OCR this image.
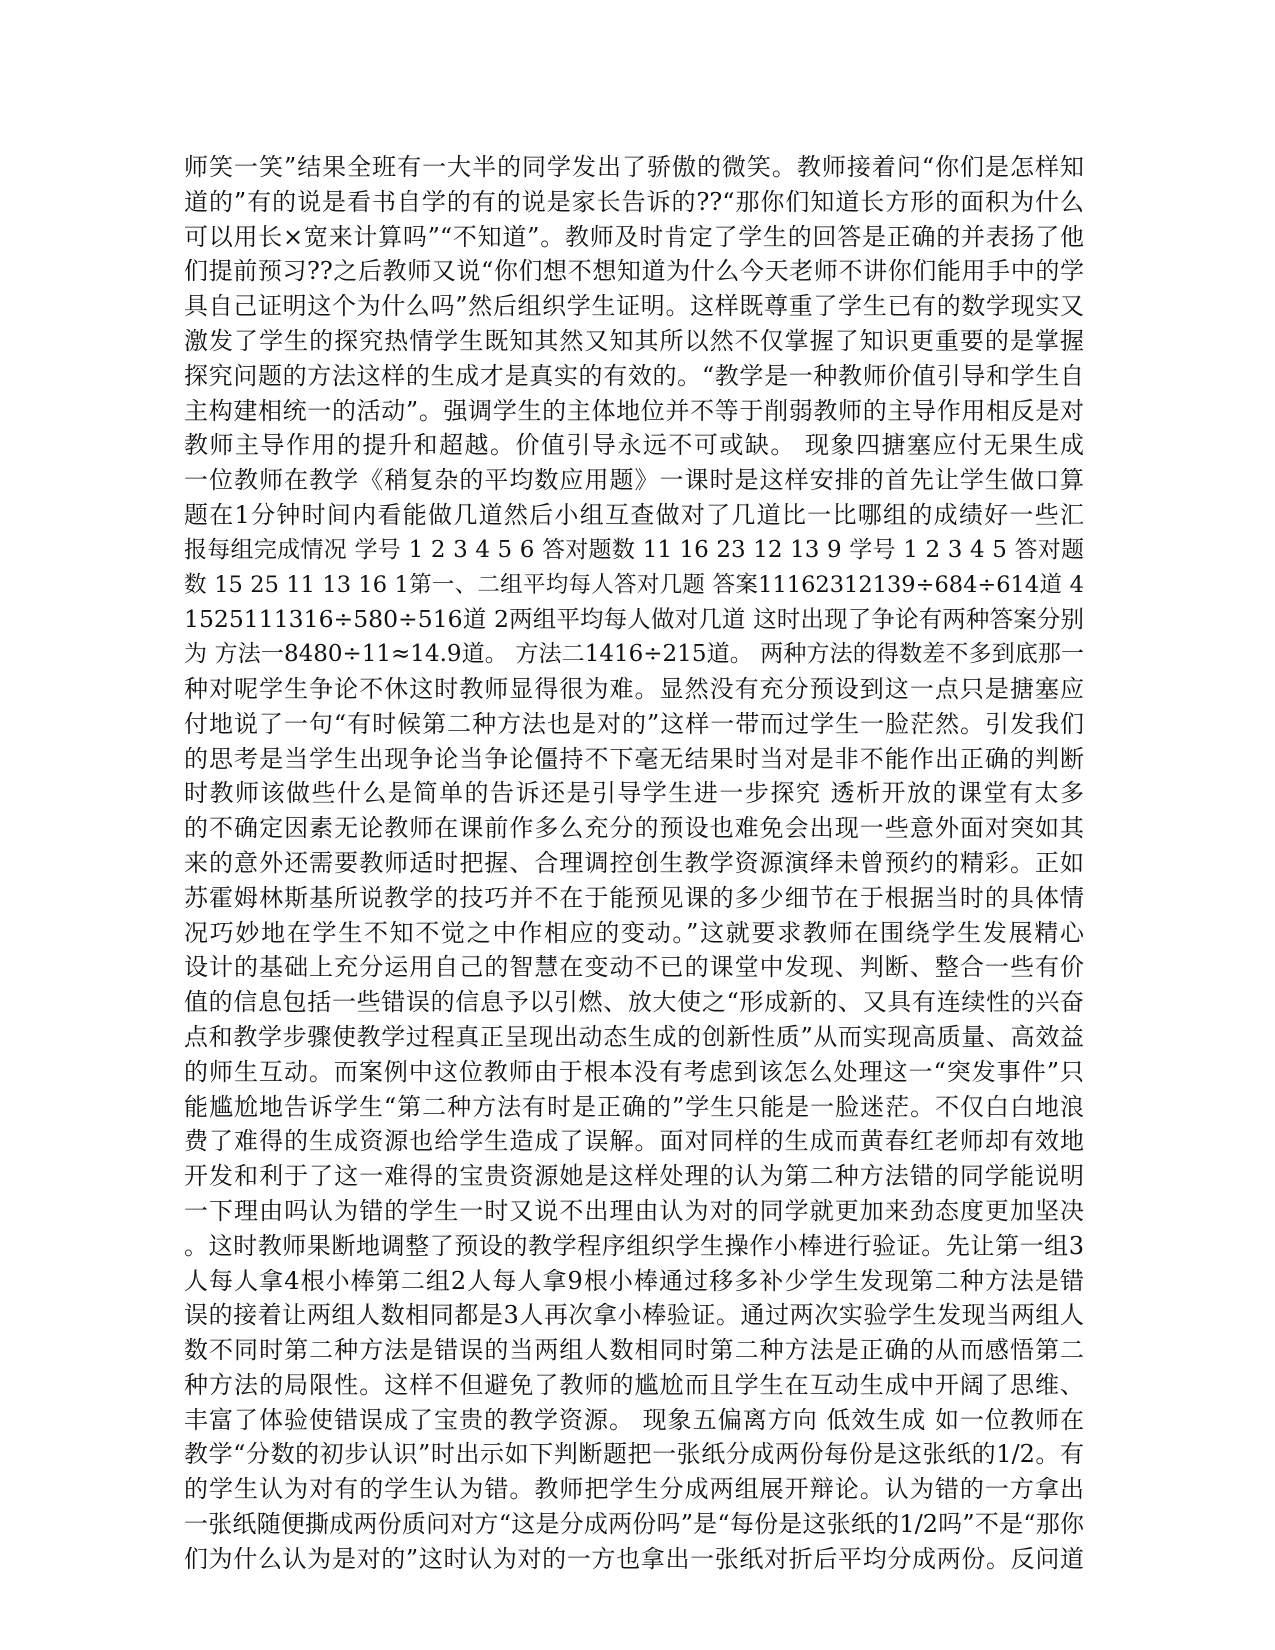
师笑一笑”结果全班有一大半的同学发出了骄傲的微笑。教师接着问“你们是怎样知
道的”有的说是看书自学的有的说是家长告诉的??“那你们知道长方形的面积为什么
可以用长×宽来计算吗”“不知道”。教师及时肯定了学生的回答是正确的并表扬了他
们提前预习??之后教师又说“你们想不想知道为什么今天老师不讲你们能用手中的学
具自己证明这个为什么吗”然后组织学生证明。这样既尊重了学生已有的数学现实又
激发了学生的探究热情学生既知其然又知其所以然不仅掌握了知识更重要的是掌握
探究问题的方法这样的生成才是真实的有效的。“教学是一种教师价值引导和学生自
主构建相统一的活动”。强调学生的主体地位并不等于削弱教师的主导作用相反是对
教师主导作用的提升和超越。价值引导永远不可或缺。 现象四搪塞应付无果生成
一位教师在教学《稍复杂的平均数应用题》一课时是这样安排的首先让学生做口算
题在1分钟时间内看能做几道然后小组互查做对了几道比一比哪组的成绩好一些汇
报每组完成情况 学号 1 2 3 4 5 6 答对题数 11 16 23 12 13 9 学号 1 2 3 4 5 答对题
数 15 25 11 13 16 1第一、二组平均每人答对几题 答案11162312139÷684÷614道 4
1525111316÷580÷516道 2两组平均每人做对几道 这时出现了争论有两种答案分别
为 方法一8480÷11≈14.9道。 方法二1416÷215道。 两种方法的得数差不多到底那一
种对呢学生争论不休这时教师显得很为难。显然没有充分预设到这一点只是搪塞应
付地说了一句“有时候第二种方法也是对的”这样一带而过学生一脸茫然。引发我们
的思考是当学生出现争论当争论僵持不下毫无结果时当对是非不能作出正确的判断
时教师该做些什么是简单的告诉还是引导学生进一步探究 透析开放的课堂有太多
的不确定因素无论教师在课前作多么充分的预设也难免会出现一些意外面对突如其
来的意外还需要教师适时把握、合理调控创生教学资源演绎未曾预约的精彩。正如
苏霍姆林斯基所说教学的技巧并不在于能预见课的多少细节在于根据当时的具体情
况巧妙地在学生不知不觉之中作相应的变动。”这就要求教师在围绕学生发展精心
设计的基础上充分运用自己的智慧在变动不已的课堂中发现、判断、整合一些有价
值的信息包括一些错误的信息予以引燃、放大使之“形成新的、又具有连续性的兴奋
点和教学步骤使教学过程真正呈现出动态生成的创新性质”从而实现高质量、高效益
的师生互动。而案例中这位教师由于根本没有考虑到该怎么处理这一“突发事件”只
能尴尬地告诉学生“第二种方法有时是正确的”学生只能是一脸迷茫。不仅白白地浪
费了难得的生成资源也给学生造成了误解。面对同样的生成而黄春红老师却有效地
开发和利于了这一难得的宝贵资源她是这样处理的认为第二种方法错的同学能说明
一下理由吗认为错的学生一时又说不出理由认为对的同学就更加来劲态度更加坚决
。这时教师果断地调整了预设的教学程序组织学生操作小棒进行验证。先让第一组3
人每人拿4根小棒第二组2人每人拿9根小棒通过移多补少学生发现第二种方法是错
误的接着让两组人数相同都是3人再次拿小棒验证。通过两次实验学生发现当两组人
数不同时第二种方法是错误的当两组人数相同时第二种方法是正确的从而感悟第二
种方法的局限性。这样不但避免了教师的尴尬而且学生在互动生成中开阔了思维、
丰富了体验使错误成了宝贵的教学资源。 现象五偏离方向 低效生成 如一位教师在
教学“分数的初步认识”时出示如下判断题把一张纸分成两份每份是这张纸的1/2。有
的学生认为对有的学生认为错。教师把学生分成两组展开辩论。认为错的一方拿出
一张纸随便撕成两份质问对方“这是分成两份吗”是“每份是这张纸的1/2吗”不是“那你
们为什么认为是对的”这时认为对的一方也拿出一张纸对折后平均分成两份。反问道
